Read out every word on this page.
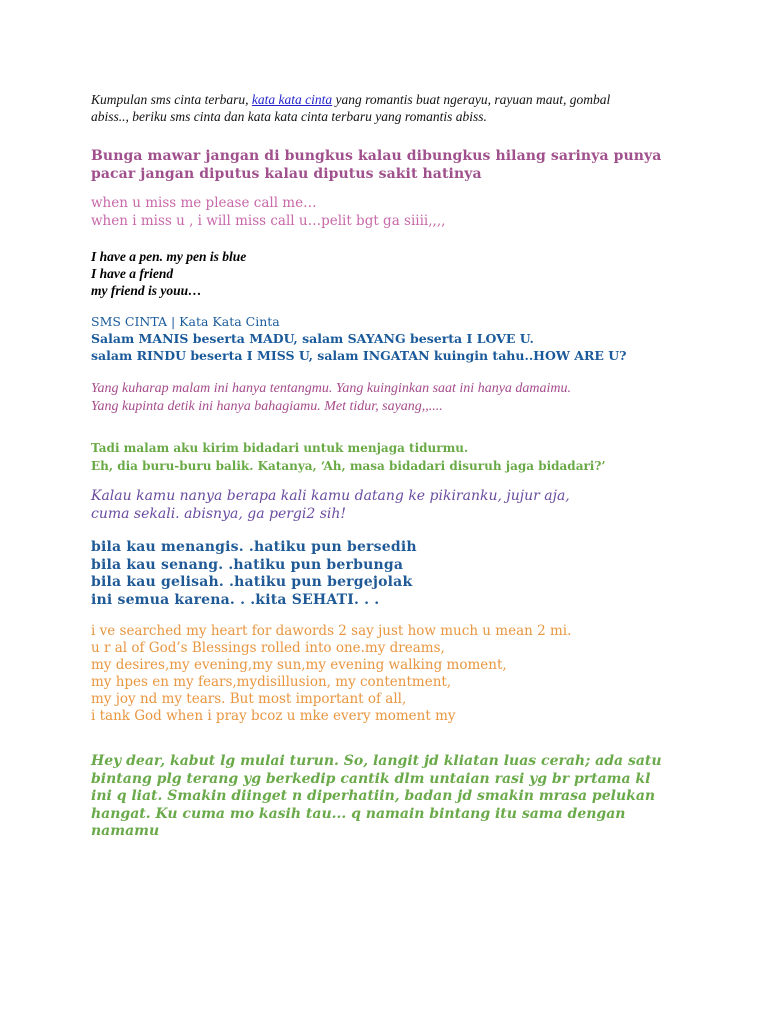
Kumpulan sms cinta terbaru, kata kata cinta yang romantis buat ngerayu, rayuan maut, gombal
abiss.., beriku sms cinta dan kata kata cinta terbaru yang romantis abiss.

Bunga mawar jangan di bungkus kalau dibungkus hilang sarinya punya
pacar jangan diputus kalau diputus sakit hatinya

when u miss me please call me…
when i miss u , i will miss call u…pelit bgt ga siiii,,,,

I have a pen. my pen is blue
I have a friend
my friend is youu…

SMS CINTA | Kata Kata Cinta
Salam MANIS beserta MADU, salam SAYANG beserta I LOVE U.
salam RINDU beserta I MISS U, salam INGATAN kuingin tahu..HOW ARE U?

Yang kuharap malam ini hanya tentangmu. Yang kuinginkan saat ini hanya damaimu.
Yang kupinta detik ini hanya bahagiamu. Met tidur, sayang,,....

Tadi malam aku kirim bidadari untuk menjaga tidurmu.
Eh, dia buru-buru balik. Katanya, ‘Ah, masa bidadari disuruh jaga bidadari?’

Kalau kamu nanya berapa kali kamu datang ke pikiranku, jujur aja,
cuma sekali. abisnya, ga pergi2 sih!

bila kau menangis. .hatiku pun bersedih
bila kau senang. .hatiku pun berbunga
bila kau gelisah. .hatiku pun bergejolak
ini semua karena. . .kita SEHATI. . .

i ve searched my heart for dawords 2 say just how much u mean 2 mi.
u r al of God’s Blessings rolled into one.my dreams,
my desires,my evening,my sun,my evening walking moment,
my hpes en my fears,mydisillusion, my contentment,
my joy nd my tears. But most important of all,
i tank God when i pray bcoz u mke every moment my

Hey dear, kabut lg mulai turun. So, langit jd kliatan luas cerah; ada satu
bintang plg terang yg berkedip cantik dlm untaian rasi yg br prtama kl
ini q liat. Smakin diinget n diperhatiin, badan jd smakin mrasa pelukan
hangat. Ku cuma mo kasih tau... q namain bintang itu sama dengan
namamu
